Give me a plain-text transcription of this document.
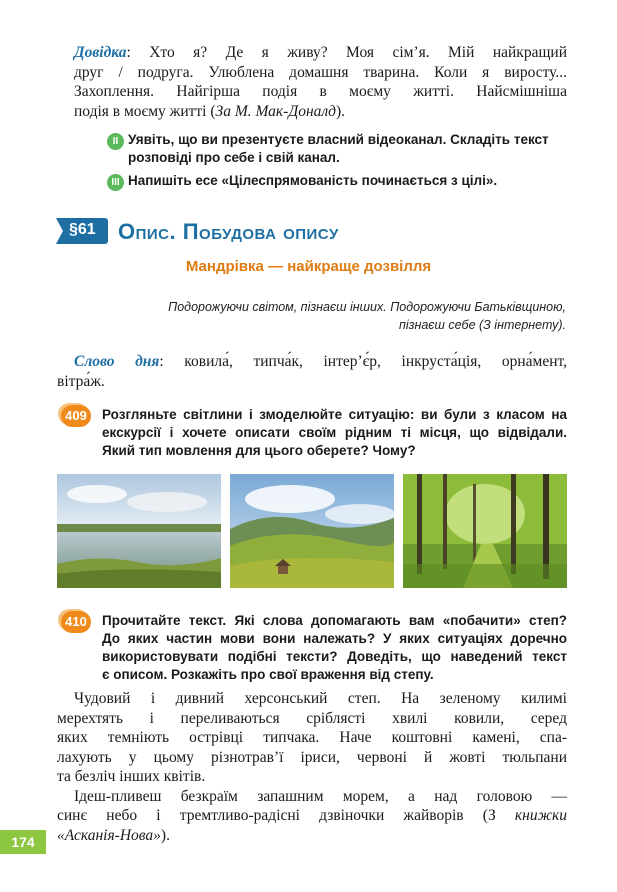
Довідка: Хто я? Де я живу? Моя сім’я. Мій найкращий
друг / подруга. Улюблена домашня тварина. Коли я виросту...
Захоплення. Найгірша подія в моєму житті. Найсмішніша
подія в моєму житті (За М. Мак-Доналд).
II Уявіть, що ви презентуєте власний відеоканал. Складіть текст
розповіді про себе і свій канал.
III Напишіть есе «Цілеспрямованість починається з цілі».
§61 Опис. Побудова опису
Мандрівка — найкраще дозвілля
Подорожуючи світом, пізнаєш інших. Подорожуючи Батьківщиною,
пізнаєш себе (З інтернету).
Слово дня: ковила́, типча́к, інтер’є́р, інкруста́ція, орна́мент,
вітра́ж.
409	Розгляньте світлини і змоделюйте ситуацію: ви були з класом на
екскурсії і хочете описати своїм рідним ті місця, що відвідали.
Який тип мовлення для цього оберете? Чому?
410	Прочитайте текст. Які слова допомагають вам «побачити» степ?
До яких частин мови вони належать? У яких ситуаціях доречно
використовувати подібні тексти? Доведіть, що наведений текст
є описом. Розкажіть про свої враження від степу.
Чудовий і дивний херсонський степ. На зеленому килимі
мерехтять і переливаються сріблясті хвилі ковили, серед
яких темніють острівці типчака. Наче коштовні камені, спа-
лахують у цьому різнотрав’ї іриси, червоні й жовті тюльпани
та безліч інших квітів.
Ідеш-пливеш безкраїм запашним морем, а над головою —
синє небо і тремтливо-радісні дзвіночки жайворів (З книжки
«Асканія-Нова»).
174
